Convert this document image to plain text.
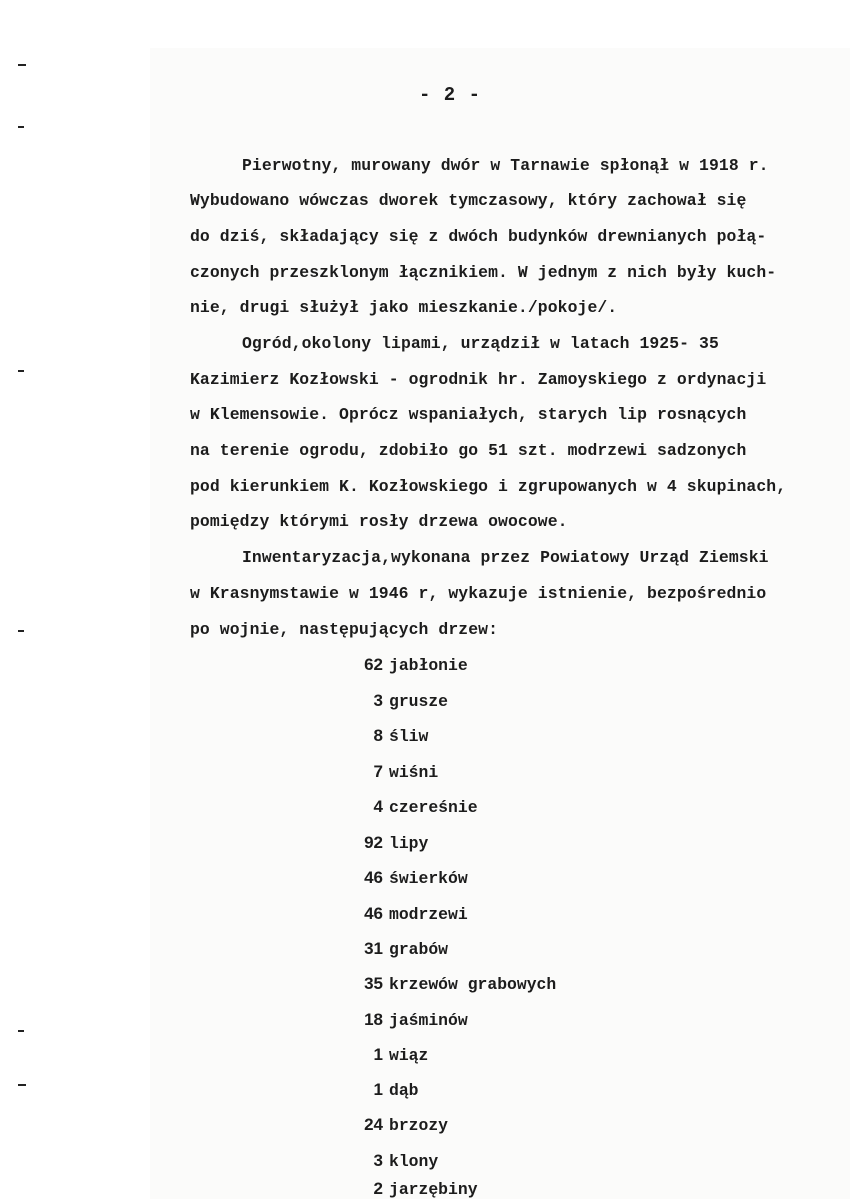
- 2 -
Pierwotny, murowany dwór w Tarnawie spłonął w 1918 r.
Wybudowano wówczas dworek tymczasowy, który zachował się
do dziś, składający się z dwóch budynków drewnianych połą-
czonych przeszklonym łącznikiem. W jednym z nich były kuch-
nie, drugi służył jako mieszkanie./pokoje/.
Ogród,okolony lipami, urządził w latach 1925- 35
Kazimierz Kozłowski - ogrodnik hr. Zamoyskiego z ordynacji
w Klemensowie. Oprócz wspaniałych, starych lip rosnących
na terenie ogrodu, zdobiło go 51 szt. modrzewi sadzonych
pod kierunkiem K. Kozłowskiego i zgrupowanych w 4 skupinach,
pomiędzy którymi rosły drzewa owocowe.
Inwentaryzacja,wykonana przez Powiatowy Urząd Ziemski
w Krasnymstawie w 1946 r, wykazuje istnienie, bezpośrednio
po wojnie, następujących drzew:
62 jabłonie
3 grusze
8 śliw
7 wiśni
4 czereśnie
92 lipy
46 świerków
46 modrzewi
31 grabów
35 krzewów grabowych
18 jaśminów
1 wiąz
1 dąb
24 brzozy
3 klony
2 jarzębiny
